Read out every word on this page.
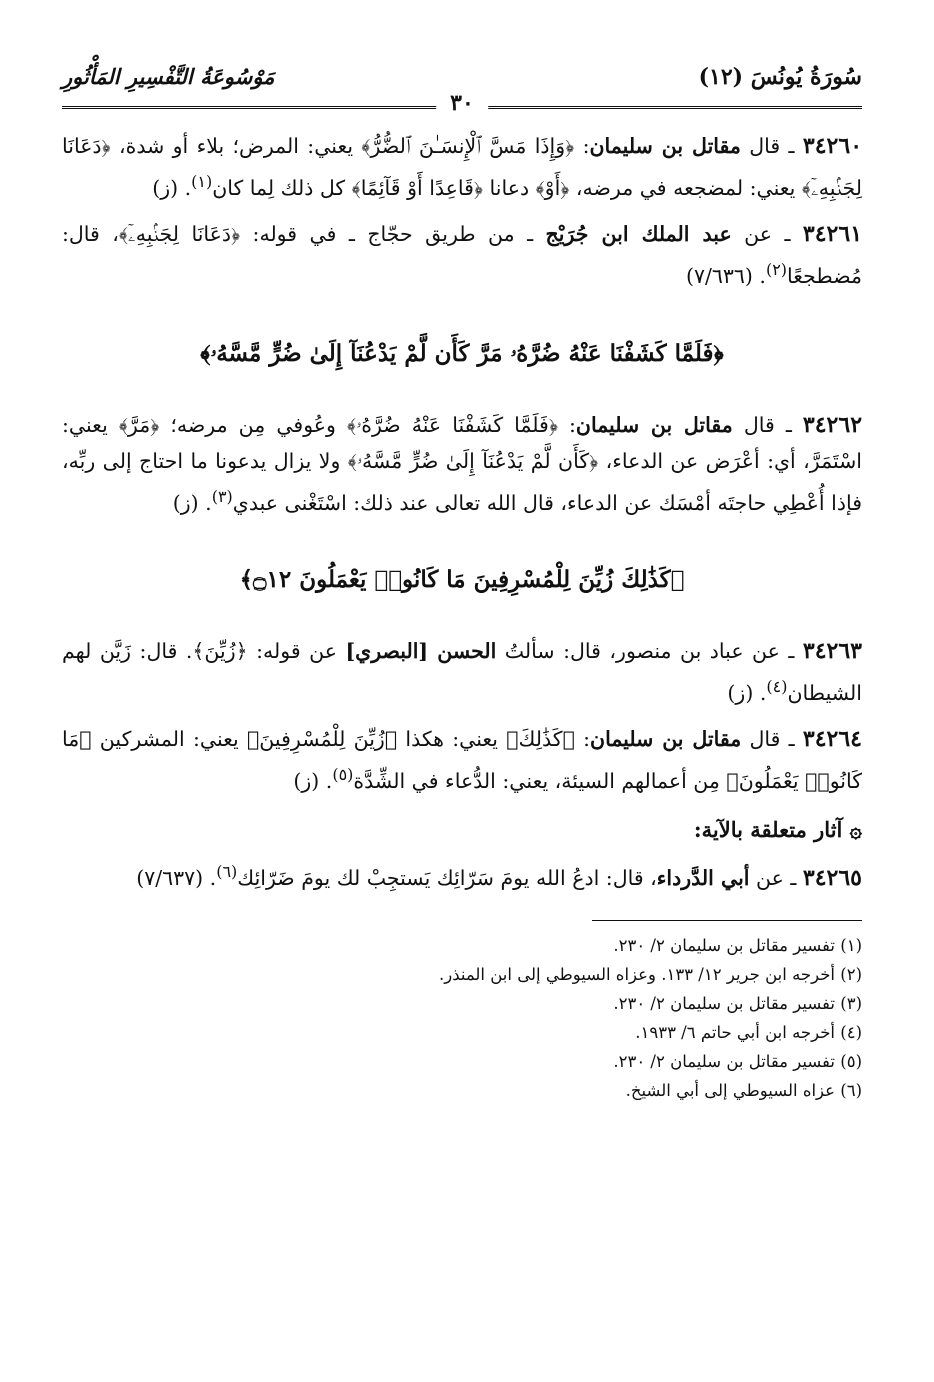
سُورَةُ يُونُسَ (١٢)
مَوْسُوعَةُ التَّفْسِيرِ المَأْثُورِ
٣٠

٣٤٢٦٠ ـ قال مقاتل بن سليمان: ﴿وَإِذَا مَسَّ ٱلْإِنسَـٰنَ ٱلضُّرُّ﴾ يعني: المرض؛ بلاء أو شدة، ﴿دَعَانَا لِجَنۢبِهِۦٓ﴾ يعني: لمضجعه في مرضه، ﴿أَوْ﴾ دعانا ﴿قَاعِدًا أَوْ قَآئِمًا﴾ كل ذلك لِما كان$^{(١)}$. (ز)

٣٤٢٦١ ـ عن عبد الملك ابن جُرَيْج ـ من طريق حجّاج ـ في قوله: ﴿دَعَانَا لِجَنۢبِهِۦٓ﴾، قال: مُضطجعًا$^{(٢)}$. (٧/٦٣٦)

﴿فَلَمَّا كَشَفْنَا عَنْهُ ضُرَّهُۥ مَرَّ كَأَن لَّمْ يَدْعُنَآ إِلَىٰ ضُرٍّ مَّسَّهُۥ﴾

٣٤٢٦٢ ـ قال مقاتل بن سليمان: ﴿فَلَمَّا كَشَفْنَا عَنْهُ ضُرَّهُۥ﴾ وعُوفي مِن مرضه؛ ﴿مَرَّ﴾ يعني: اسْتَمَرَّ، أي: أعْرَض عن الدعاء، ﴿كَأَن لَّمْ يَدْعُنَآ إِلَىٰ ضُرٍّ مَّسَّهُۥ﴾ ولا يزال يدعونا ما احتاج إلى ربِّه، فإذا أُعْطِي حاجتَه أمْسَك عن الدعاء، قال الله تعالى عند ذلك: اسْتَغْنى عبدي$^{(٣)}$. (ز)

﴿كَذَٰلِكَ زُيِّنَ لِلْمُسْرِفِينَ مَا كَانُوا۟ يَعْمَلُونَ ۝١٢﴾

٣٤٢٦٣ ـ عن عباد بن منصور، قال: سألتُ الحسن [البصري] عن قوله: ﴿زُيِّنَ﴾. قال: زَيَّن لهم الشيطان$^{(٤)}$. (ز)

٣٤٢٦٤ ـ قال مقاتل بن سليمان: ﴿كَذَٰلِكَ﴾ يعني: هكذا ﴿زُيِّنَ لِلْمُسْرِفِينَ﴾ يعني: المشركين ﴿مَا كَانُوا۟ يَعْمَلُونَ﴾ مِن أعمالهم السيئة، يعني: الدُّعاء في الشِّدَّة$^{(٥)}$. (ز)

۞ آثار متعلقة بالآية:

٣٤٢٦٥ ـ عن أبي الدَّرداء، قال: ادعُ الله يومَ سَرّائِك يَستجِبْ لك يومَ ضَرّائِك$^{(٦)}$. (٧/٦٣٧)

(١) تفسير مقاتل بن سليمان ٢/ ٢٣٠.

(٢) أخرجه ابن جرير ١٢/ ١٣٣. وعزاه السيوطي إلى ابن المنذر.

(٣) تفسير مقاتل بن سليمان ٢/ ٢٣٠.

(٤) أخرجه ابن أبي حاتم ٦/ ١٩٣٣.

(٥) تفسير مقاتل بن سليمان ٢/ ٢٣٠.

(٦) عزاه السيوطي إلى أبي الشيخ.
